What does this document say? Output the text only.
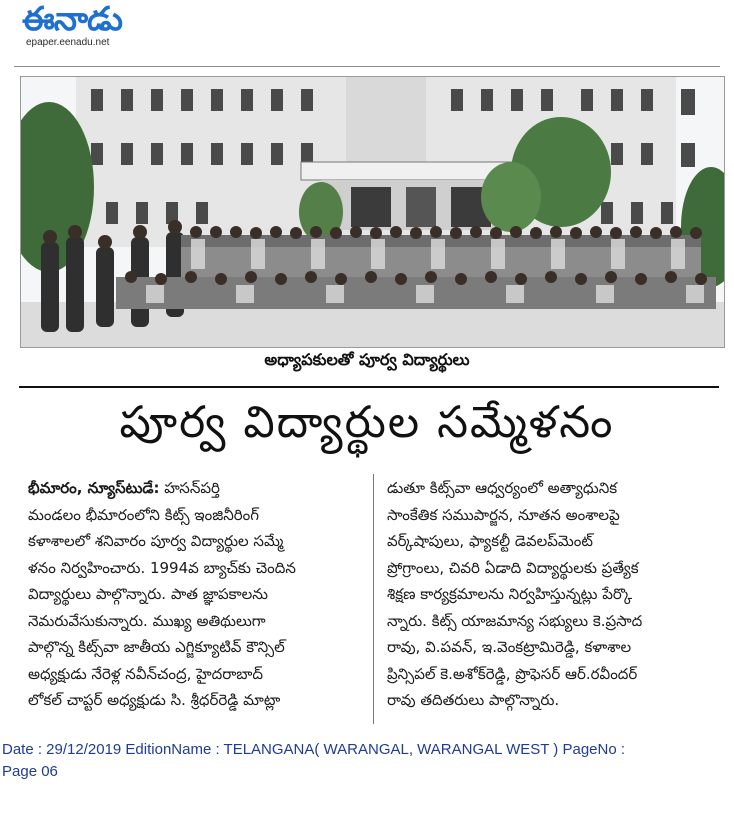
ఈనాడు
epaper.eenadu.net
అధ్యాపకులతో పూర్వ విద్యార్థులు
పూర్వ విద్యార్థుల సమ్మేళనం
భీమారం, న్యూస్‌టుడే: హసన్‌పర్తి
మండలం భీమారంలోని కిట్స్ ఇంజినీరింగ్
కళాశాలలో శనివారం పూర్వ విద్యార్థుల సమ్మే
ళనం నిర్వహించారు. 1994వ బ్యాచ్‌కు చెందిన
విద్యార్థులు పాల్గొన్నారు. పాత జ్ఞాపకాలను
నెమరువేసుకున్నారు. ముఖ్య అతిథులుగా
పాల్గొన్న కిట్స్‌వా జాతీయ ఎగ్జిక్యూటివ్ కౌన్సిల్
అధ్యక్షుడు నేరెళ్ల నవీన్‌చంద్ర, హైదరాబాద్
లోకల్ చాప్టర్ అధ్యక్షుడు సి. శ్రీధర్‌రెడ్డి మాట్లా
డుతూ కిట్స్‌వా ఆధ్వర్యంలో అత్యాధునిక
సాంకేతిక సముపార్జన, నూతన అంశాలపై
వర్క్‌షాపులు, ఫ్యాకల్టీ డెవలప్‌మెంట్
ప్రోగ్రాంలు, చివరి ఏడాది విద్యార్థులకు ప్రత్యేక
శిక్షణ కార్యక్రమాలను నిర్వహిస్తున్నట్లు పేర్కొ
న్నారు. కిట్స్ యాజమాన్య సభ్యులు కె.ప్రసాద
రావు, వి.పవన్, ఇ.వెంకట్రామిరెడ్డి, కళాశాల
ప్రిన్సిపల్ కె.అశోక్‌రెడ్డి, ప్రొఫెసర్ ఆర్.రవీందర్
రావు తదితరులు పాల్గొన్నారు.
Date : 29/12/2019 EditionName : TELANGANA( WARANGAL, WARANGAL WEST ) PageNo :
Page 06
